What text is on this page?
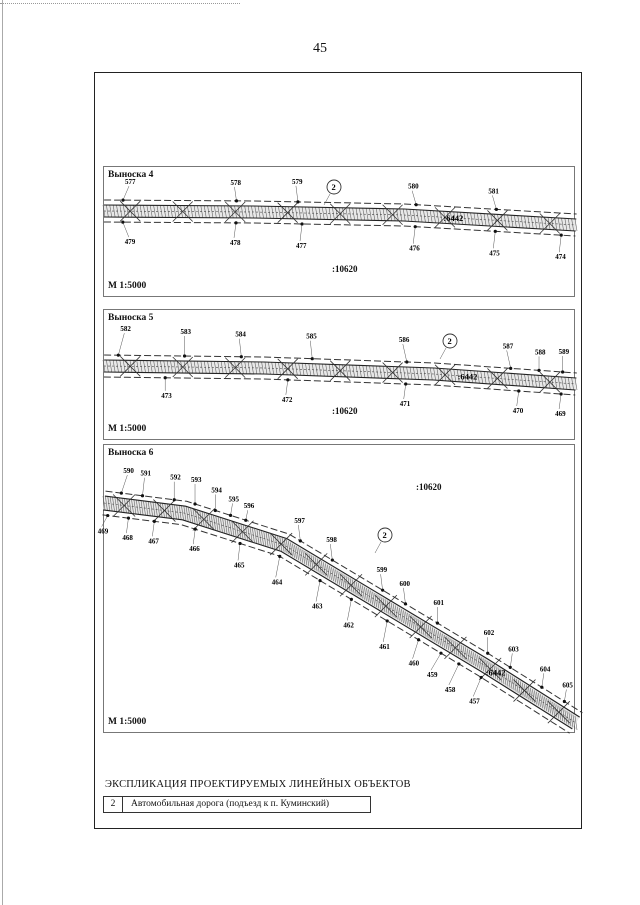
45
Выноска 4
:10620
М 1:5000
577	578	579
580
581
479	478	477	476
475	474
:6442
2
Выноска 5
:10620
М 1:5000
582	583	584	585	586
587
588 589
473
472
471
470	469
:6442
2
Выноска 6
:10620
М 1:5000
590 591	592 593
594
595
596
597
598
599
600
601
602
603
604
605
469
468 467
466
465
464
463
462
461
460
459
458
457
:6442
2
ЭКСПЛИКАЦИЯ ПРОЕКТИРУЕМЫХ ЛИНЕЙНЫХ ОБЪЕКТОВ
2	Автомобильная дорога (подъезд к п. Куминский)
